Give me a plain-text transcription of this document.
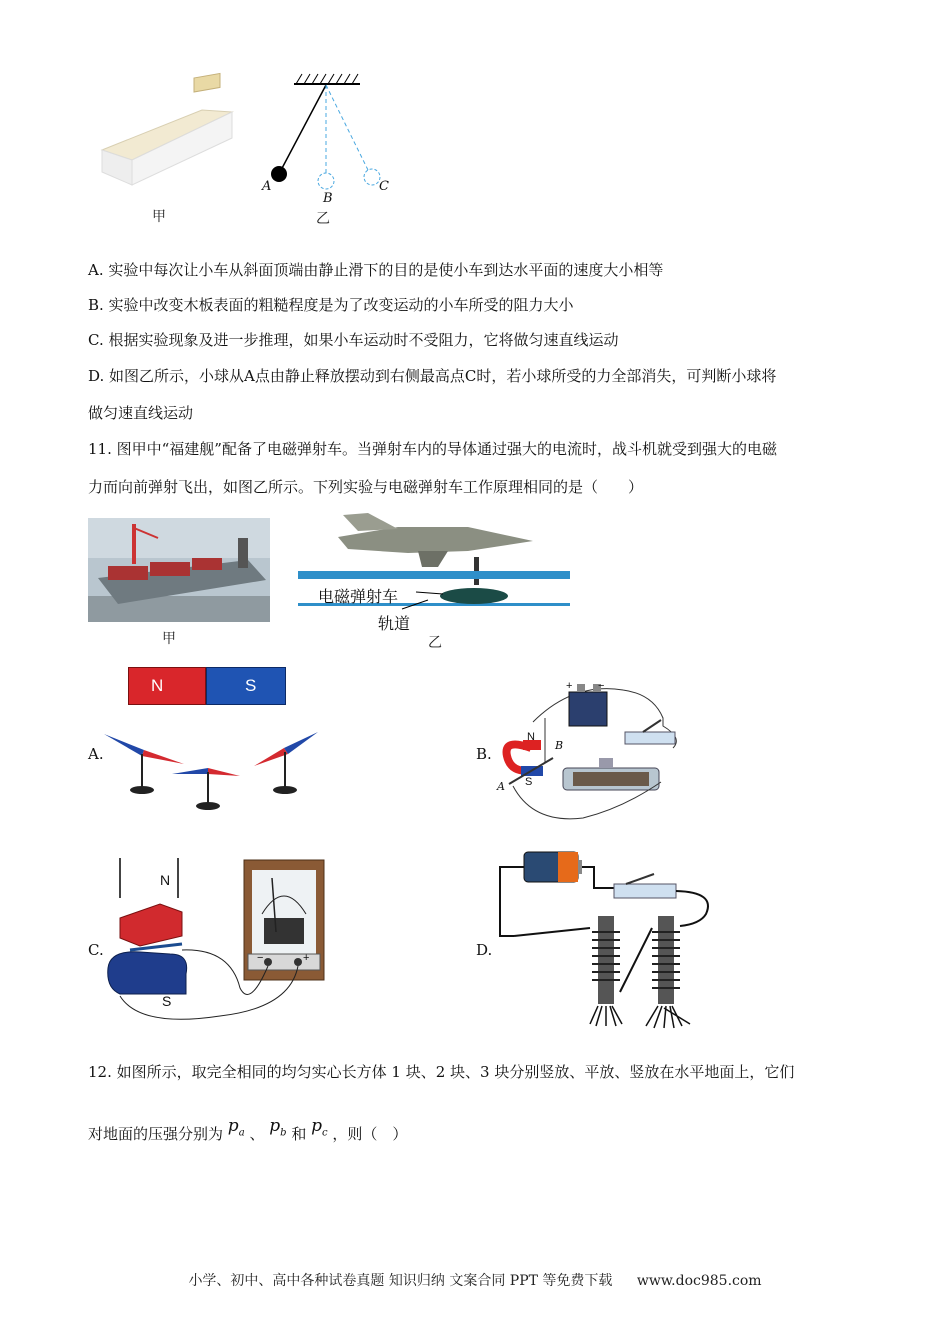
甲
A
B
C
乙
A. 实验中每次让小车从斜面顶端由静止滑下的目的是使小车到达水平面的速度大小相等
B. 实验中改变木板表面的粗糙程度是为了改变运动的小车所受的阻力大小
C. 根据实验现象及进一步推理，如果小车运动时不受阻力，它将做匀速直线运动
D. 如图乙所示，小球从A点由静止释放摆动到右侧最高点C时，若小球所受的力全部消失，可判断小球将
做匀速直线运动
11. 图甲中“福建舰”配备了电磁弹射车。当弹射车内的导体通过强大的电流时，战斗机就受到强大的电磁
力而向前弹射飞出，如图乙所示。下列实验与电磁弹射车工作原理相同的是（　　）
甲
电磁弹射车
轨道
乙
N	S
A.
N
S
A
B
+ −
B.
N
S
−	+
C.	D.
12. 如图所示，取完全相同的均匀实心长方体 1 块、2 块、3 块分别竖放、平放、竖放在水平地面上，它们
对地面的压强分别为 $p_a$ 、 $p_b$ 和 $p_c$ ，则（　）
小学、初中、高中各种试卷真题 知识归纳 文案合同 PPT 等免费下载 www.doc985.com
